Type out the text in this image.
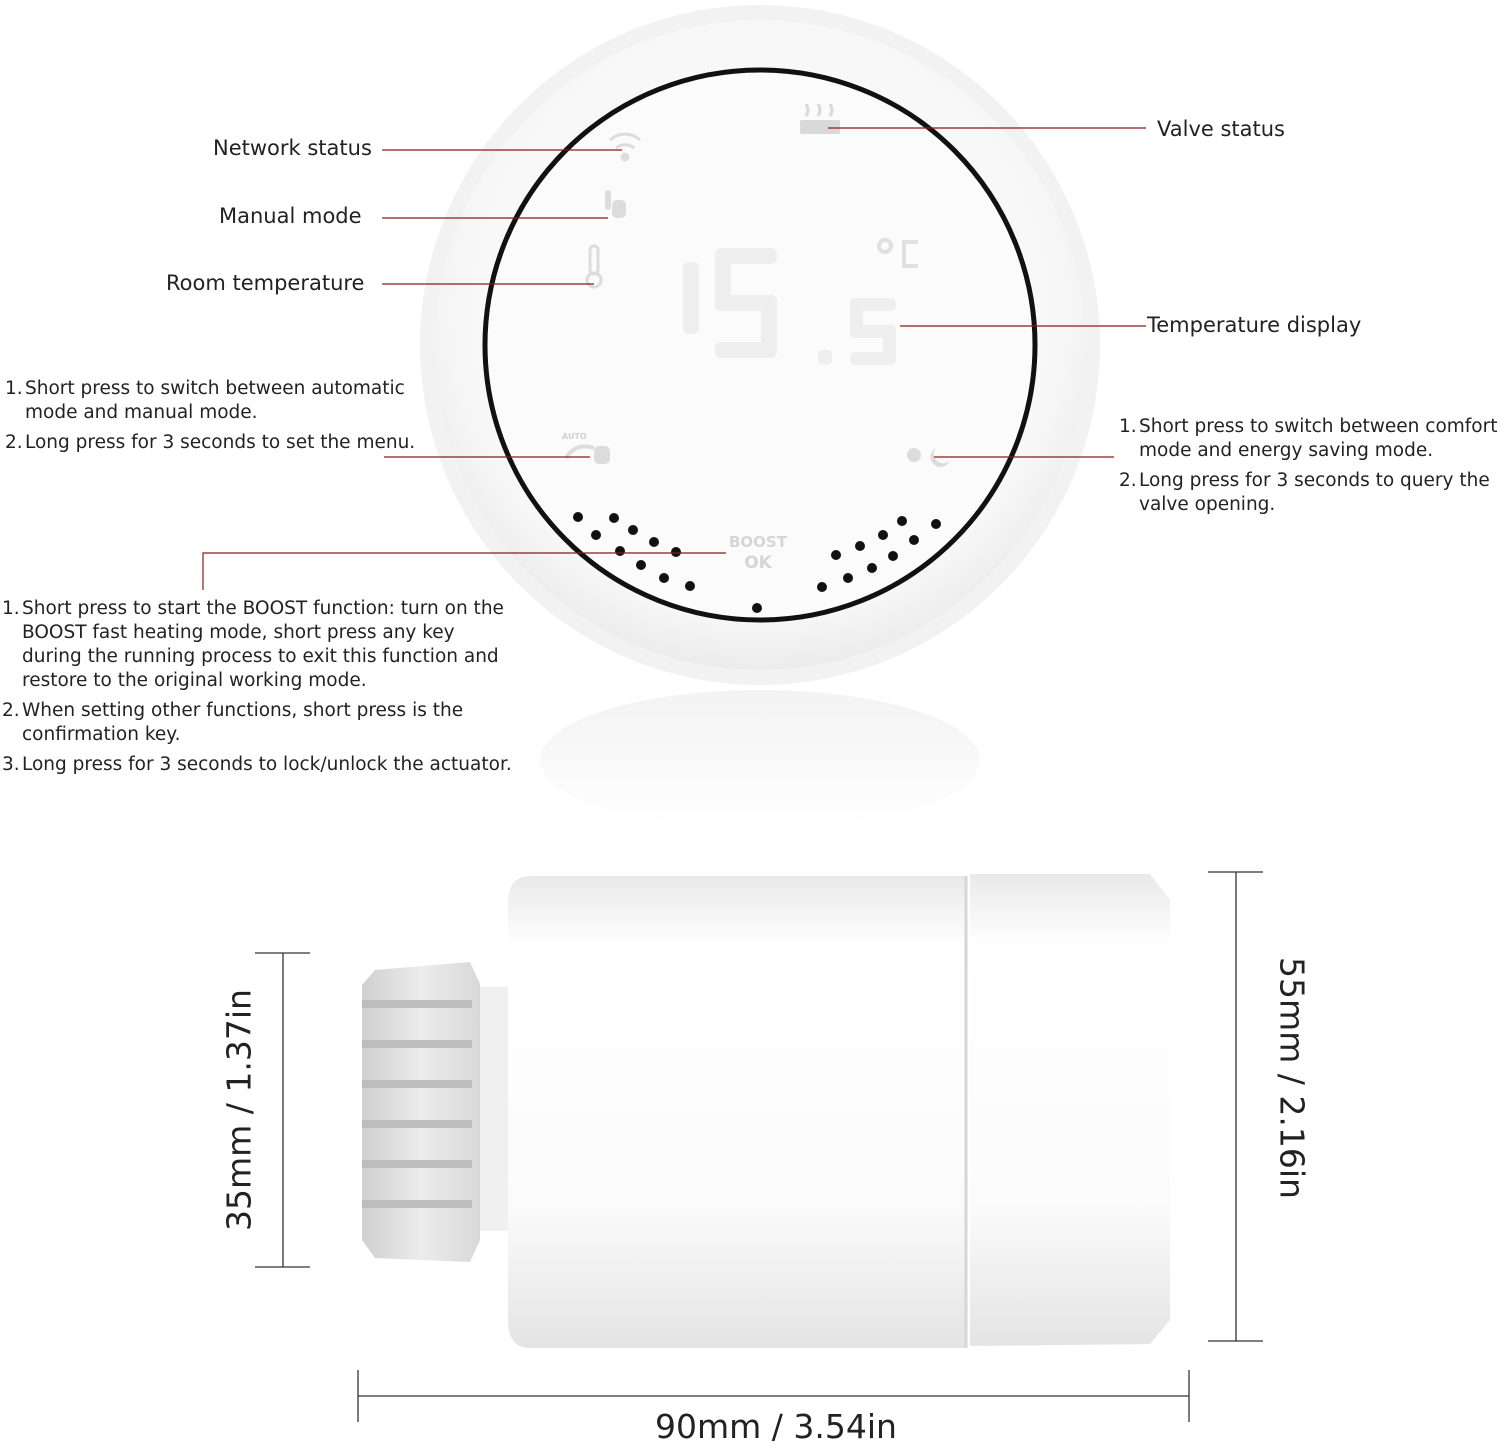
BOOST
OK
Network status
Manual mode
Room temperature
Valve status
Temperature display
AUTO
1. Short press to switch between automatic mode and manual mode.
2. Long press for 3 seconds to set the menu.
1. Short press to switch between comfort mode and energy saving mode.
2. Long press for 3 seconds to query the valve opening.
1. Short press to start the BOOST function: turn on the BOOST fast heating mode, short press any key during the running process to exit this function and restore to the original working mode.
2. When setting other functions, short press is the confirmation key.
3. Long press for 3 seconds to lock/unlock the actuator.
35mm / 1.37in	55mm / 2.16in
90mm / 3.54in
